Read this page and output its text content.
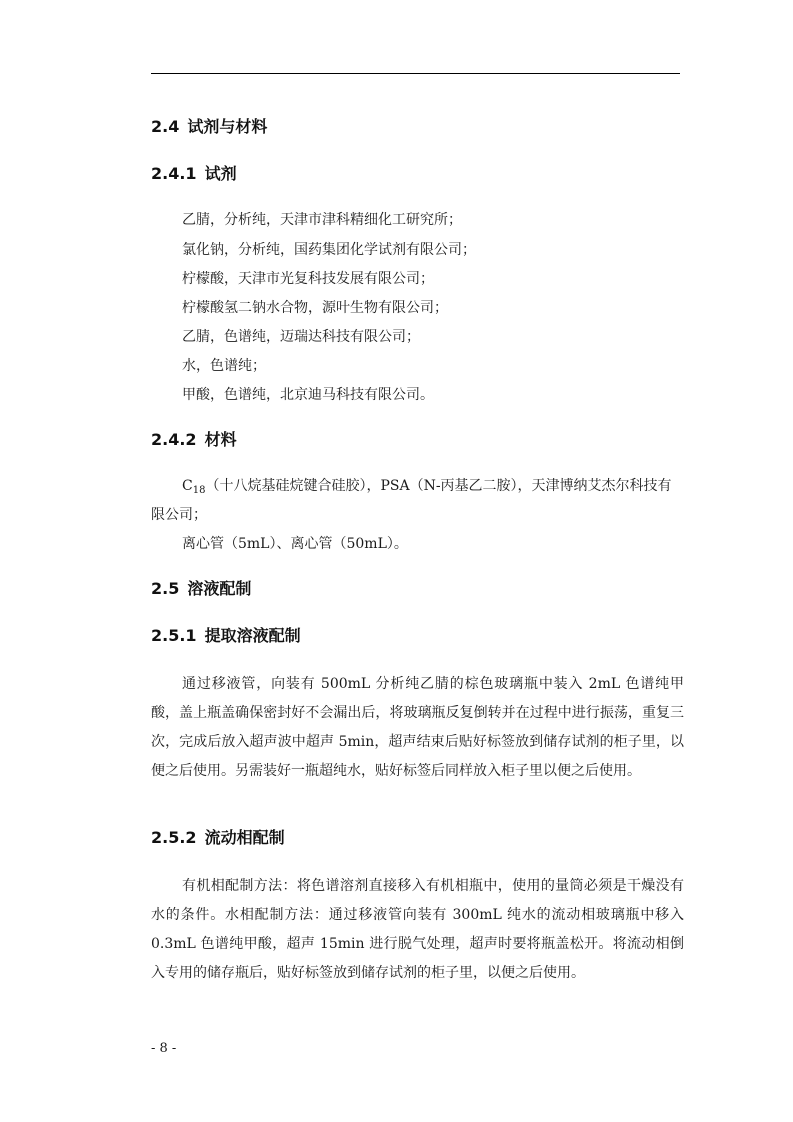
2.4 试剂与材料
2.4.1 试剂

乙腈，分析纯，天津市津科精细化工研究所；

氯化钠，分析纯，国药集团化学试剂有限公司；

柠檬酸，天津市光复科技发展有限公司；

柠檬酸氢二钠水合物，源叶生物有限公司；

乙腈，色谱纯，迈瑞达科技有限公司；

水，色谱纯；

甲酸，色谱纯，北京迪马科技有限公司。

2.4.2 材料

$C_{18}$（十八烷基硅烷键合硅胶），PSA（N-丙基乙二胺），天津博纳艾杰尔科技有限公司；

离心管（5mL）、离心管（50mL）。

2.5 溶液配制
2.5.1 提取溶液配制

通过移液管，向装有 500mL 分析纯乙腈的棕色玻璃瓶中装入 2mL 色谱纯甲酸，盖上瓶盖确保密封好不会漏出后，将玻璃瓶反复倒转并在过程中进行振荡，重复三次，完成后放入超声波中超声 5min，超声结束后贴好标签放到储存试剂的柜子里，以便之后使用。另需装好一瓶超纯水，贴好标签后同样放入柜子里以便之后使用。

2.5.2 流动相配制

有机相配制方法：将色谱溶剂直接移入有机相瓶中，使用的量筒必须是干燥没有水的条件。水相配制方法：通过移液管向装有 300mL 纯水的流动相玻璃瓶中移入 0.3mL 色谱纯甲酸，超声 15min 进行脱气处理，超声时要将瓶盖松开。将流动相倒入专用的储存瓶后，贴好标签放到储存试剂的柜子里，以便之后使用。

- 8 -
